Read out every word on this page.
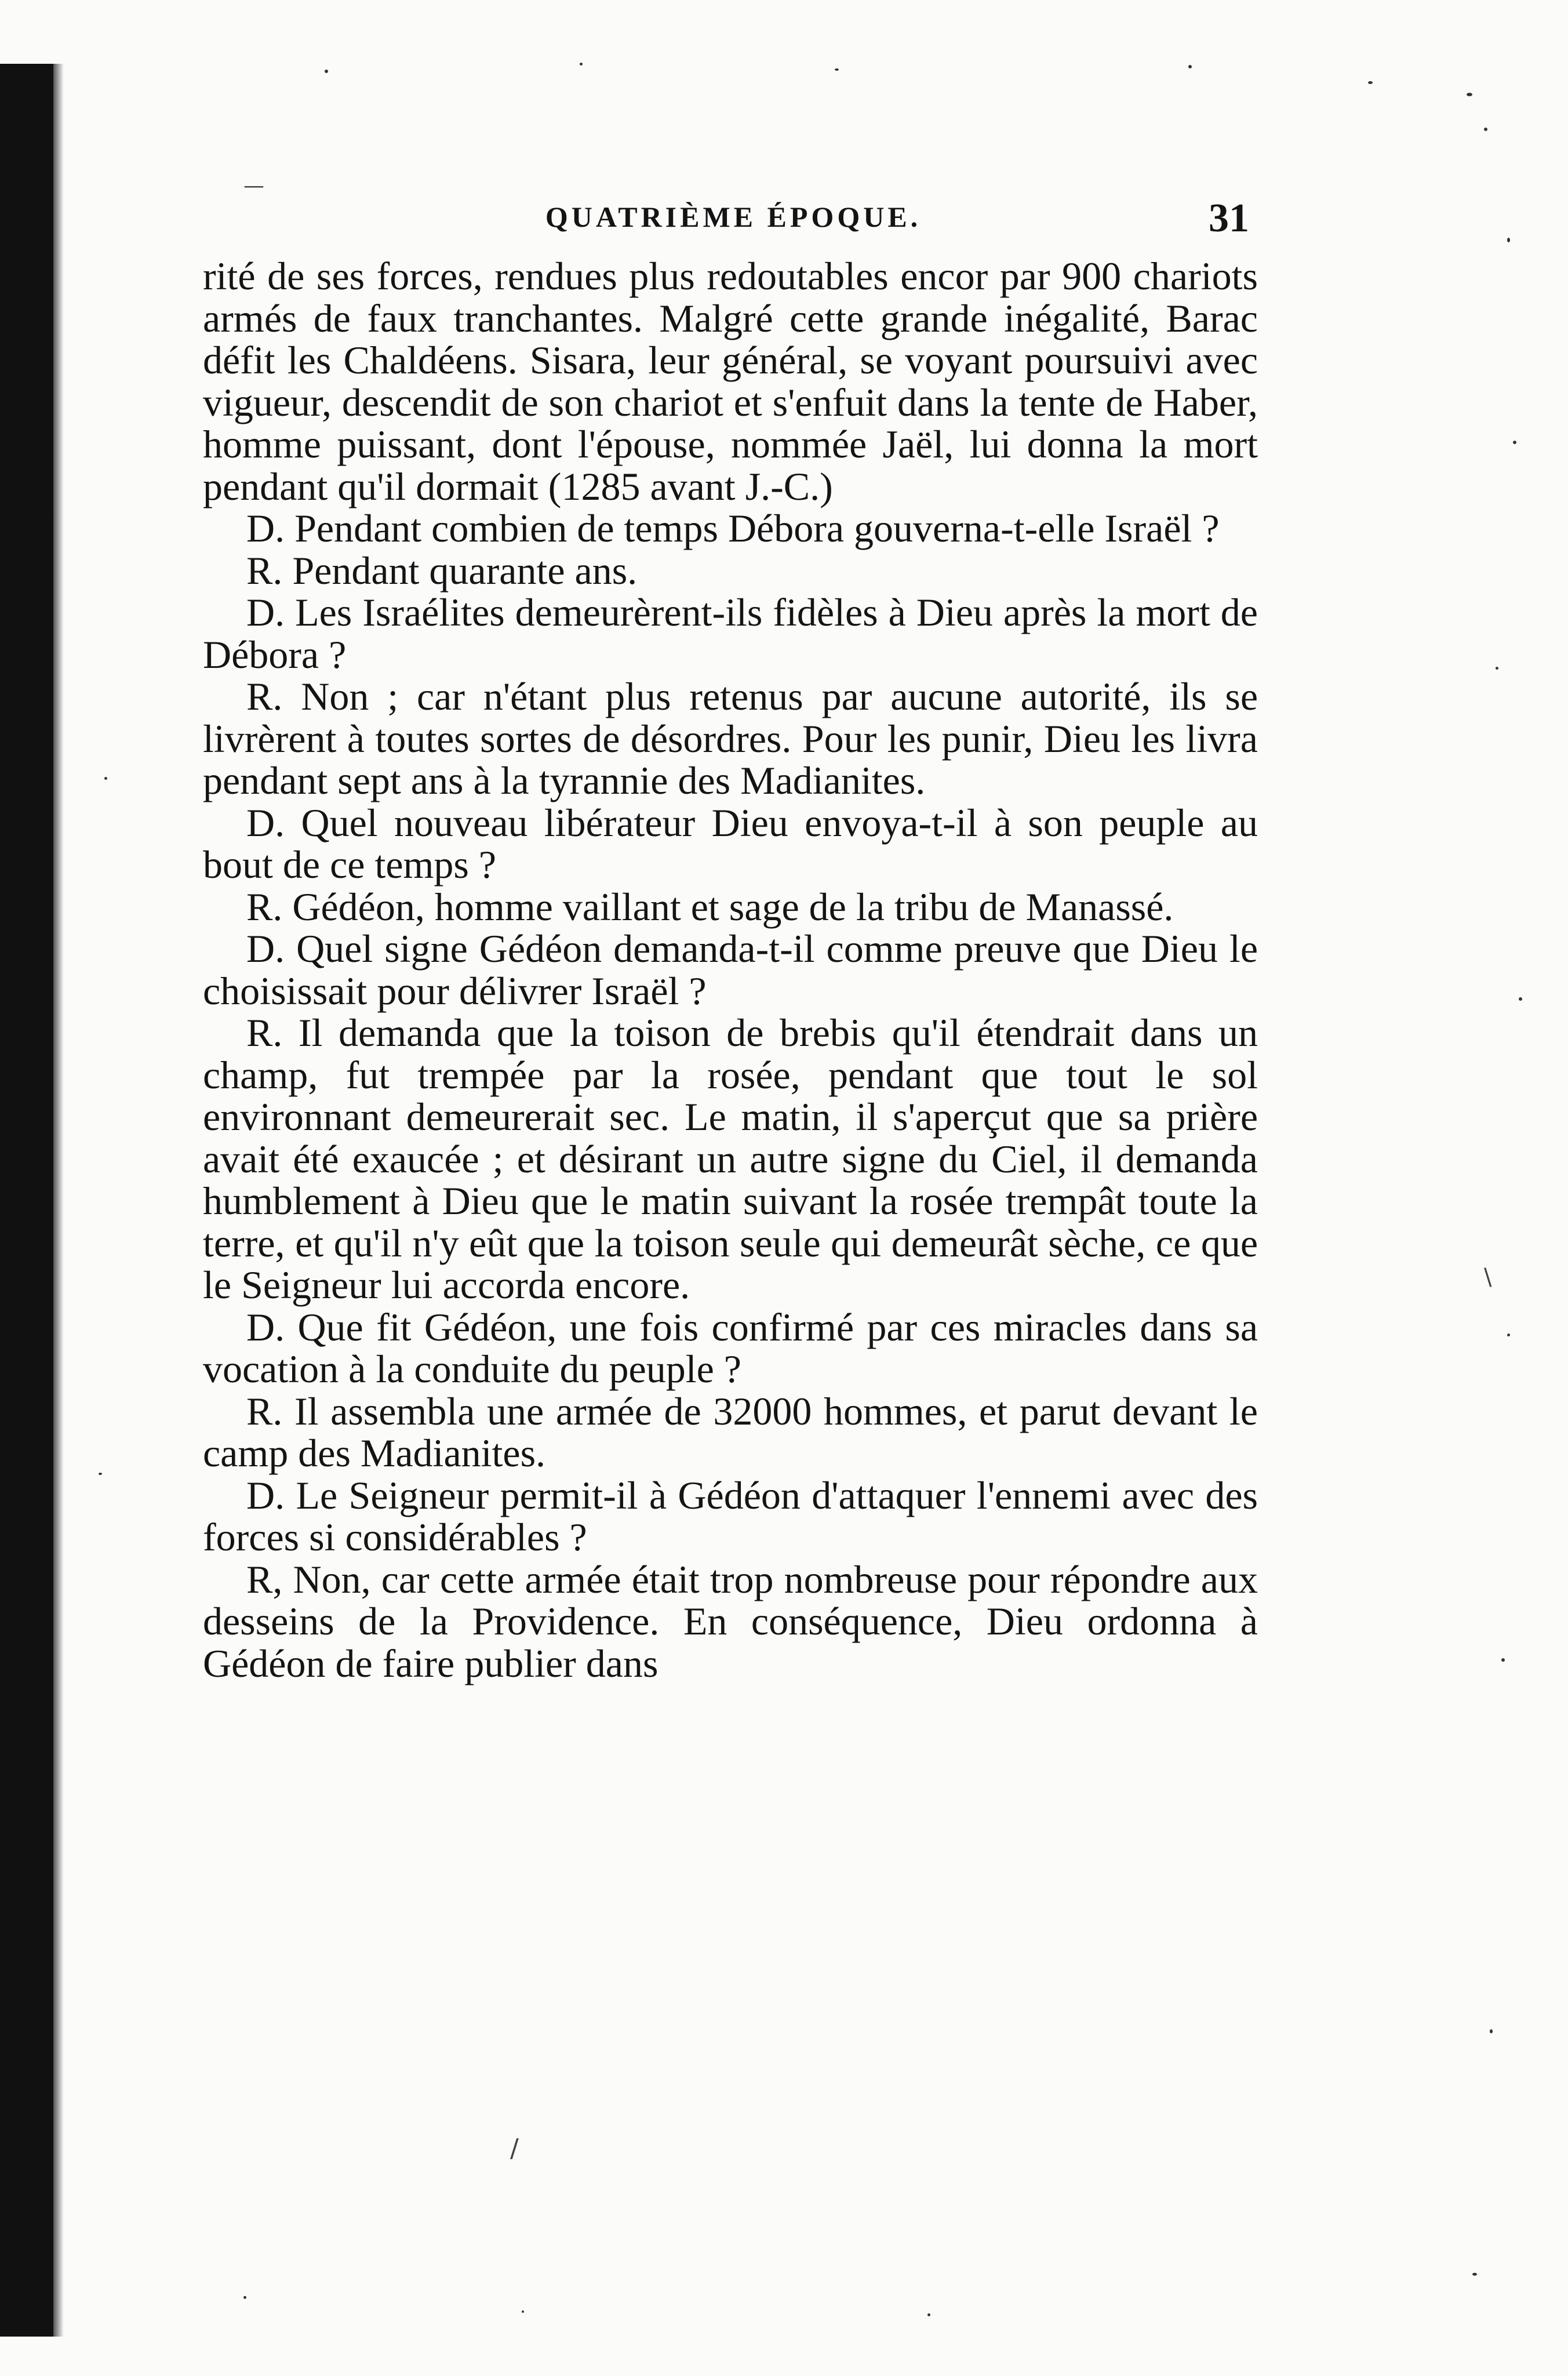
\
/
—
QUATRIÈME ÉPOQUE.	31

rité de ses forces, rendues plus redoutables encor par 900 chariots armés de faux tranchantes. Malgré cette grande inégalité, Barac défit les Chaldéens. Sisara, leur général, se voyant poursuivi avec vigueur, descendit de son chariot et s'enfuit dans la tente de Haber, homme puissant, dont l'épouse, nommée Jaël, lui donna la mort pendant qu'il dormait (1285 avant J.-C.)

D. Pendant combien de temps Débora gouverna-t-elle Israël ?

R. Pendant quarante ans.

D. Les Israélites demeurèrent-ils fidèles à Dieu après la mort de Débora ?

R. Non ; car n'étant plus retenus par aucune autorité, ils se livrèrent à toutes sortes de désordres. Pour les punir, Dieu les livra pendant sept ans à la tyrannie des Madianites.

D. Quel nouveau libérateur Dieu envoya-t-il à son peuple au bout de ce temps ?

R. Gédéon, homme vaillant et sage de la tribu de Manassé.

D. Quel signe Gédéon demanda-t-il comme preuve que Dieu le choisissait pour délivrer Israël ?

R. Il demanda que la toison de brebis qu'il étendrait dans un champ, fut trempée par la rosée, pendant que tout le sol environnant demeurerait sec. Le matin, il s'aperçut que sa prière avait été exaucée ; et désirant un autre signe du Ciel, il demanda humblement à Dieu que le matin suivant la rosée trempât toute la terre, et qu'il n'y eût que la toison seule qui demeurât sèche, ce que le Seigneur lui accorda encore.

D. Que fit Gédéon, une fois confirmé par ces miracles dans sa vocation à la conduite du peuple ?

R. Il assembla une armée de 32000 hommes, et parut devant le camp des Madianites.

D. Le Seigneur permit-il à Gédéon d'attaquer l'ennemi avec des forces si considérables ?

R, Non, car cette armée était trop nombreuse pour répondre aux desseins de la Providence. En conséquence, Dieu ordonna à Gédéon de faire publier dans
